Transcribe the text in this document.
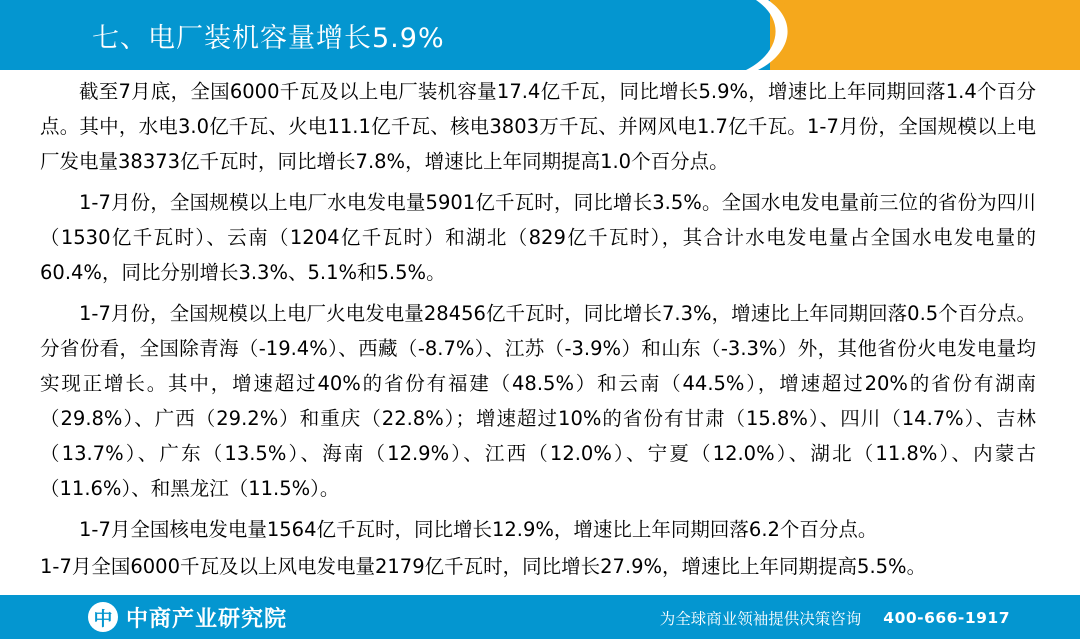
七、电厂装机容量增长5.9%

截至7月底，全国6000千瓦及以上电厂装机容量17.4亿千瓦，同比增长5.9%，增速比上年同期回落1.4个百分点。其中，水电3.0亿千瓦、火电11.1亿千瓦、核电3803万千瓦、并网风电1.7亿千瓦。1-7月份，全国规模以上电厂发电量38373亿千瓦时，同比增长7.8%，增速比上年同期提高1.0个百分点。

1-7月份，全国规模以上电厂水电发电量5901亿千瓦时，同比增长3.5%。全国水电发电量前三位的省份为四川（1530亿千瓦时）、云南（1204亿千瓦时）和湖北（829亿千瓦时），其合计水电发电量占全国水电发电量的60.4%，同比分别增长3.3%、5.1%和5.5%。

1-7月份，全国规模以上电厂火电发电量28456亿千瓦时，同比增长7.3%，增速比上年同期回落0.5个百分点。分省份看，全国除青海（-19.4%）、西藏（-8.7%）、江苏（-3.9%）和山东（-3.3%）外，其他省份火电发电量均实现正增长。其中，增速超过40%的省份有福建（48.5%）和云南（44.5%），增速超过20%的省份有湖南（29.8%）、广西（29.2%）和重庆（22.8%）；增速超过10%的省份有甘肃（15.8%）、四川（14.7%）、吉林（13.7%）、广东（13.5%）、海南（12.9%）、江西（12.0%）、宁夏（12.0%）、湖北（11.8%）、内蒙古（11.6%）、和黑龙江（11.5%）。

1-7月全国核电发电量1564亿千瓦时，同比增长12.9%，增速比上年同期回落6.2个百分点。

1-7月全国6000千瓦及以上风电发电量2179亿千瓦时，同比增长27.9%，增速比上年同期提高5.5%。

中 中商产业研究院	为全球商业领袖提供决策咨询 400-666-1917
